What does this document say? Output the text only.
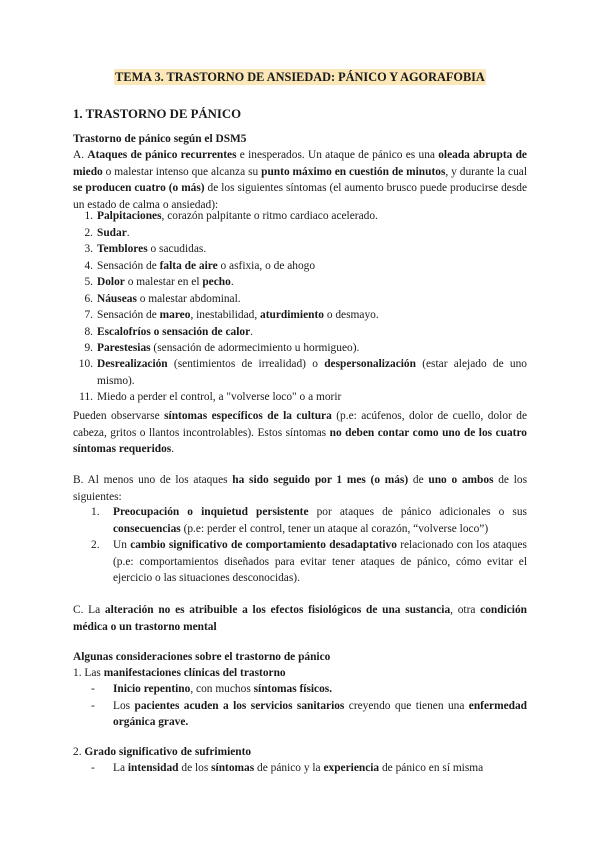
TEMA 3. TRASTORNO DE ANSIEDAD: PÁNICO Y AGORAFOBIA
1. TRASTORNO DE PÁNICO
Trastorno de pánico según el DSM5
A. Ataques de pánico recurrentes e inesperados. Un ataque de pánico es una oleada abrupta de miedo o malestar intenso que alcanza su punto máximo en cuestión de minutos, y durante la cual se producen cuatro (o más) de los siguientes síntomas (el aumento brusco puede producirse desde un estado de calma o ansiedad):
1. Palpitaciones, corazón palpitante o ritmo cardiaco acelerado.
2. Sudar.
3. Temblores o sacudidas.
4. Sensación de falta de aire o asfixia, o de ahogo
5. Dolor o malestar en el pecho.
6. Náuseas o malestar abdominal.
7. Sensación de mareo, inestabilidad, aturdimiento o desmayo.
8. Escalofríos o sensación de calor.
9. Parestesias (sensación de adormecimiento u hormigueo).
10. Desrealización (sentimientos de irrealidad) o despersonalización (estar alejado de uno mismo).
11. Miedo a perder el control, a "volverse loco" o a morir
Pueden observarse síntomas específicos de la cultura (p.e: acúfenos, dolor de cuello, dolor de cabeza, gritos o llantos incontrolables). Estos síntomas no deben contar como uno de los cuatro síntomas requeridos.
B. Al menos uno de los ataques ha sido seguido por 1 mes (o más) de uno o ambos de los siguientes:
1. Preocupación o inquietud persistente por ataques de pánico adicionales o sus consecuencias (p.e: perder el control, tener un ataque al corazón, “volverse loco”)
2. Un cambio significativo de comportamiento desadaptativo relacionado con los ataques (p.e: comportamientos diseñados para evitar tener ataques de pánico, cómo evitar el ejercicio o las situaciones desconocidas).
C. La alteración no es atribuible a los efectos fisiológicos de una sustancia, otra condición médica o un trastorno mental
Algunas consideraciones sobre el trastorno de pánico
1. Las manifestaciones clínicas del trastorno
- Inicio repentino, con muchos síntomas físicos.
- Los pacientes acuden a los servicios sanitarios creyendo que tienen una enfermedad orgánica grave.
2. Grado significativo de sufrimiento
- La intensidad de los síntomas de pánico y la experiencia de pánico en sí misma
